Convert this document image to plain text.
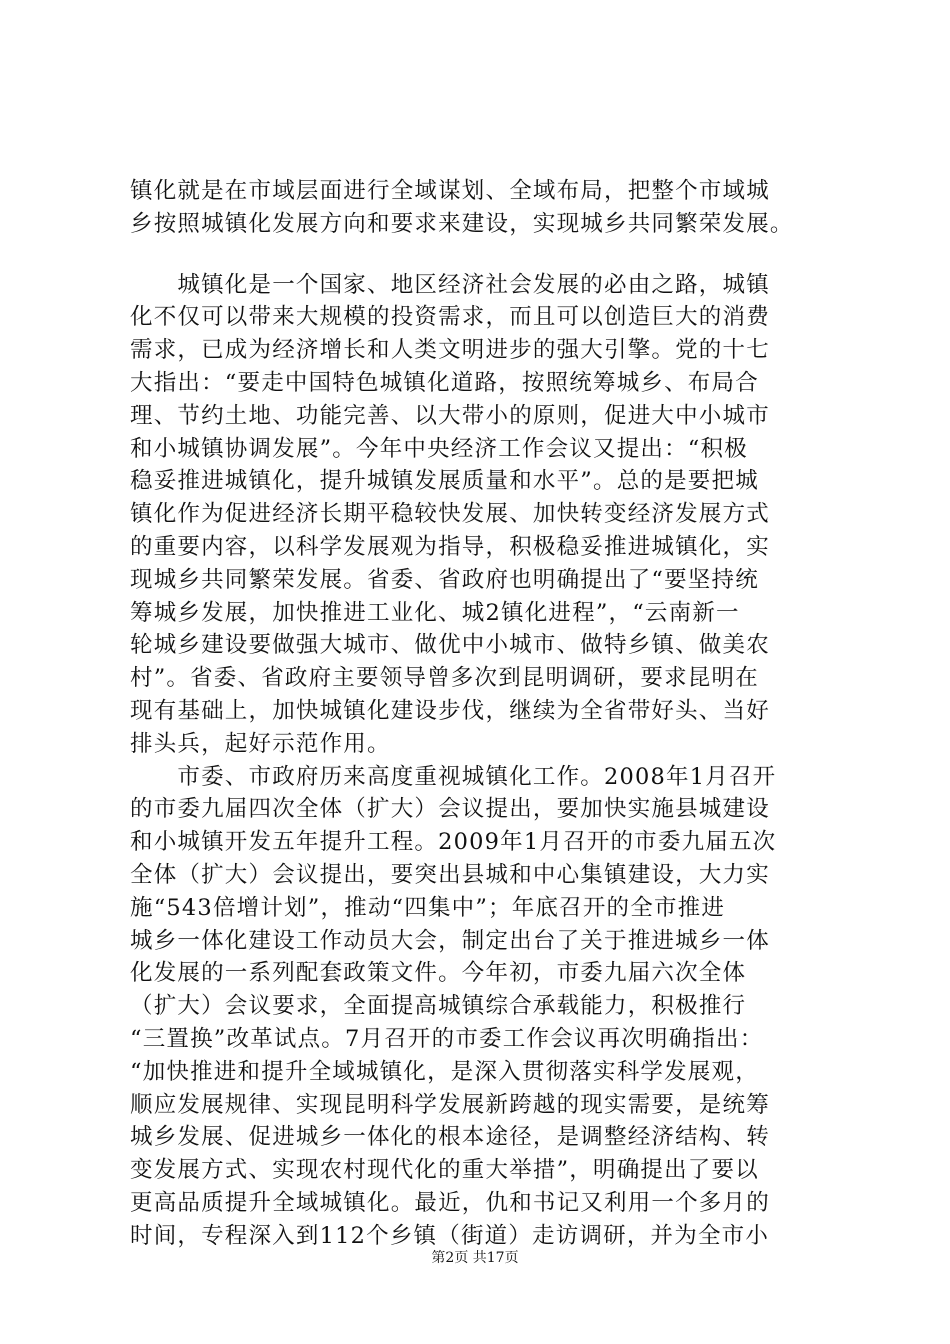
镇化就是在市域层面进行全域谋划、全域布局，把整个市域城
乡按照城镇化发展方向和要求来建设，实现城乡共同繁荣发展。
　　城镇化是一个国家、地区经济社会发展的必由之路，城镇
化不仅可以带来大规模的投资需求，而且可以创造巨大的消费
需求，已成为经济增长和人类文明进步的强大引擎。党的十七
大指出：“要走中国特色城镇化道路，按照统筹城乡、布局合
理、节约土地、功能完善、以大带小的原则，促进大中小城市
和小城镇协调发展”。今年中央经济工作会议又提出：“积极
稳妥推进城镇化，提升城镇发展质量和水平”。总的是要把城
镇化作为促进经济长期平稳较快发展、加快转变经济发展方式
的重要内容，以科学发展观为指导，积极稳妥推进城镇化，实
现城乡共同繁荣发展。省委、省政府也明确提出了“要坚持统
筹城乡发展，加快推进工业化、城2镇化进程”，“云南新一
轮城乡建设要做强大城市、做优中小城市、做特乡镇、做美农
村”。省委、省政府主要领导曾多次到昆明调研，要求昆明在
现有基础上，加快城镇化建设步伐，继续为全省带好头、当好
排头兵，起好示范作用。
　　市委、市政府历来高度重视城镇化工作。2008年1月召开
的市委九届四次全体（扩大）会议提出，要加快实施县城建设
和小城镇开发五年提升工程。2009年1月召开的市委九届五次
全体（扩大）会议提出，要突出县城和中心集镇建设，大力实
施“543倍增计划”，推动“四集中”；年底召开的全市推进
城乡一体化建设工作动员大会，制定出台了关于推进城乡一体
化发展的一系列配套政策文件。今年初，市委九届六次全体
（扩大）会议要求，全面提高城镇综合承载能力，积极推行
“三置换”改革试点。7月召开的市委工作会议再次明确指出：
“加快推进和提升全域城镇化，是深入贯彻落实科学发展观，
顺应发展规律、实现昆明科学发展新跨越的现实需要，是统筹
城乡发展、促进城乡一体化的根本途径，是调整经济结构、转
变发展方式、实现农村现代化的重大举措”，明确提出了要以
更高品质提升全域城镇化。最近，仇和书记又利用一个多月的
时间，专程深入到112个乡镇（街道）走访调研，并为全市小
第2页 共17页
